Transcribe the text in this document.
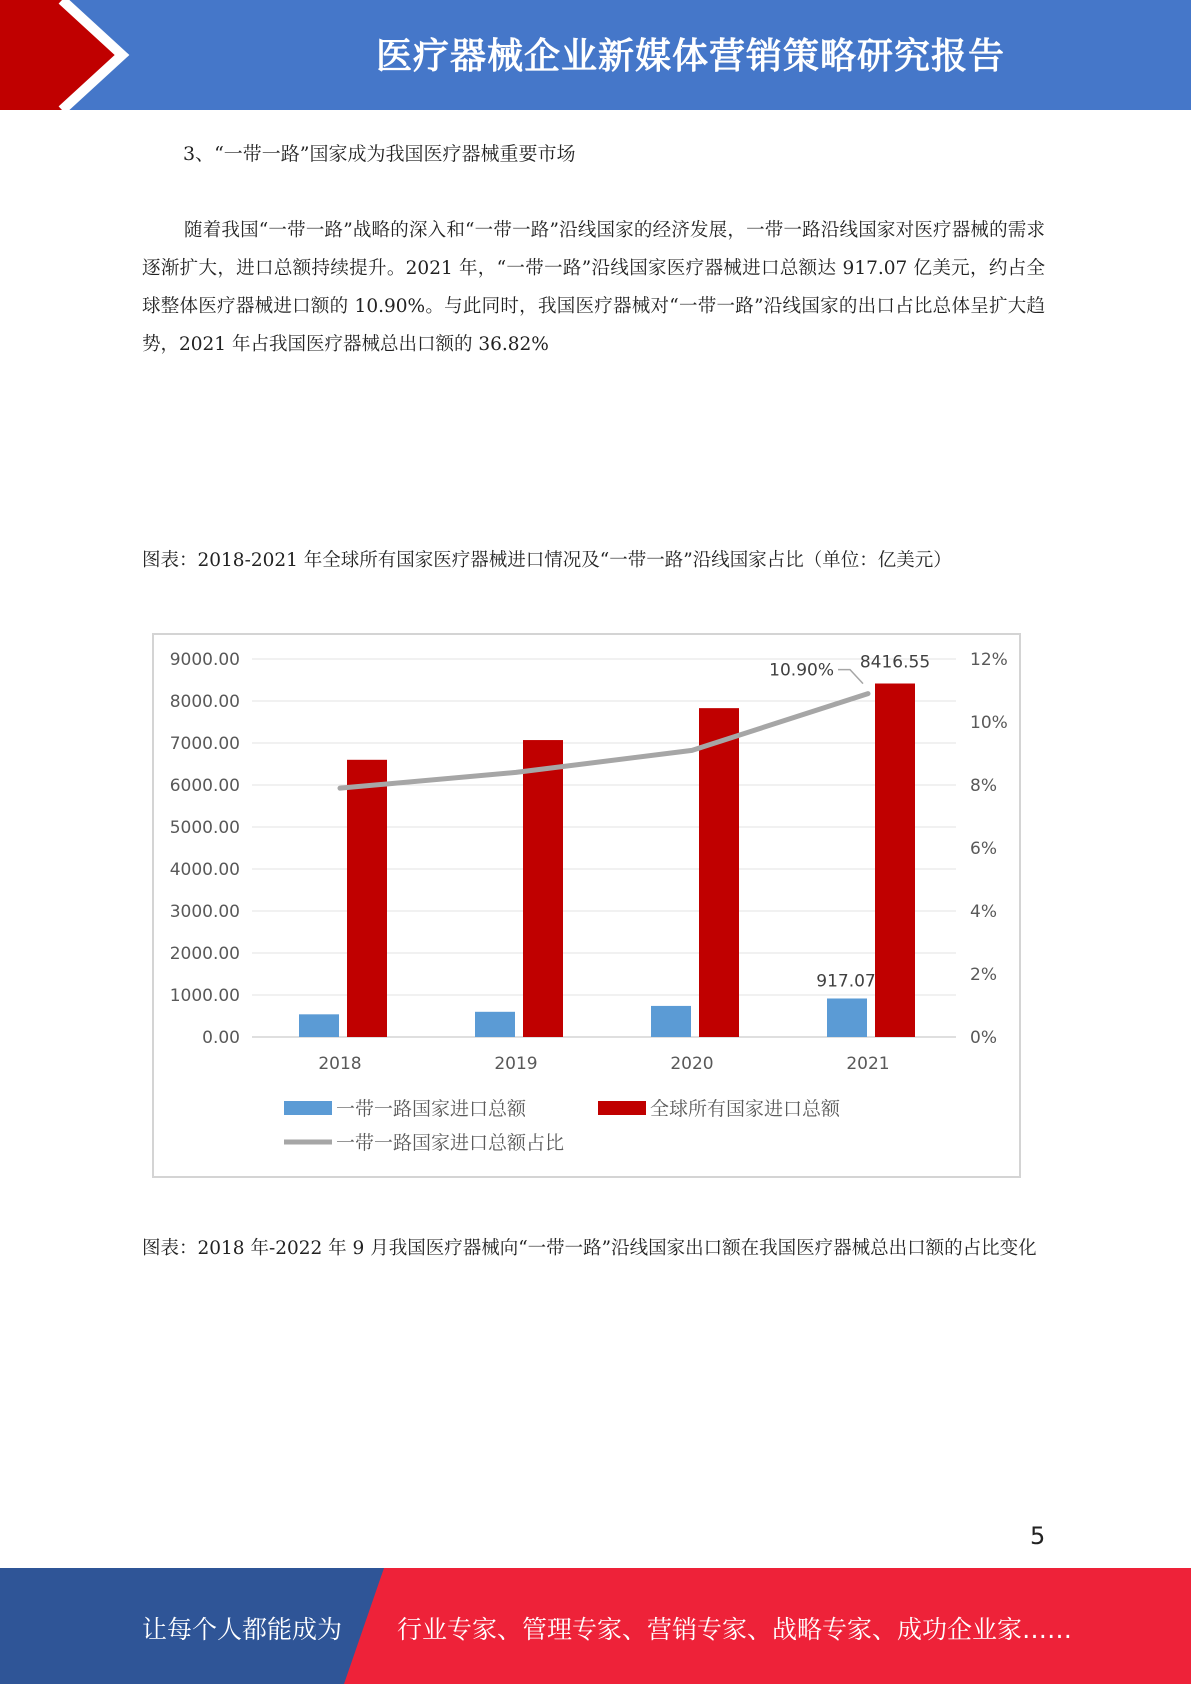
医疗器械企业新媒体营销策略研究报告
3、“一带一路”国家成为我国医疗器械重要市场

随着我国“一带一路”战略的深入和“一带一路”沿线国家的经济发展，一带一路沿线国家对医疗器械的需求逐渐扩大，进口总额持续提升。2021 年，“一带一路”沿线国家医疗器械进口总额达 917.07 亿美元，约占全球整体医疗器械进口额的 10.90%。与此同时，我国医疗器械对“一带一路”沿线国家的出口占比总体呈扩大趋势，2021 年占我国医疗器械总出口额的 36.82%

图表：2018-2021 年全球所有国家医疗器械进口情况及“一带一路”沿线国家占比（单位：亿美元）

0.00
1000.00
2000.00
3000.00
4000.00
5000.00
6000.00
7000.00
8000.00
9000.00
0%
2%
4%
6%
8%
10%
12%
2018	2019	2020	2021
917.07
8416.55
10.90%
一带一路国家进口总额	全球所有国家进口总额
一带一路国家进口总额占比

图表：2018 年-2022 年 9 月我国医疗器械向“一带一路”沿线国家出口额在我国医疗器械总出口额的占比变化

5
让每个人都能成为 行业专家、管理专家、营销专家、战略专家、成功企业家……
